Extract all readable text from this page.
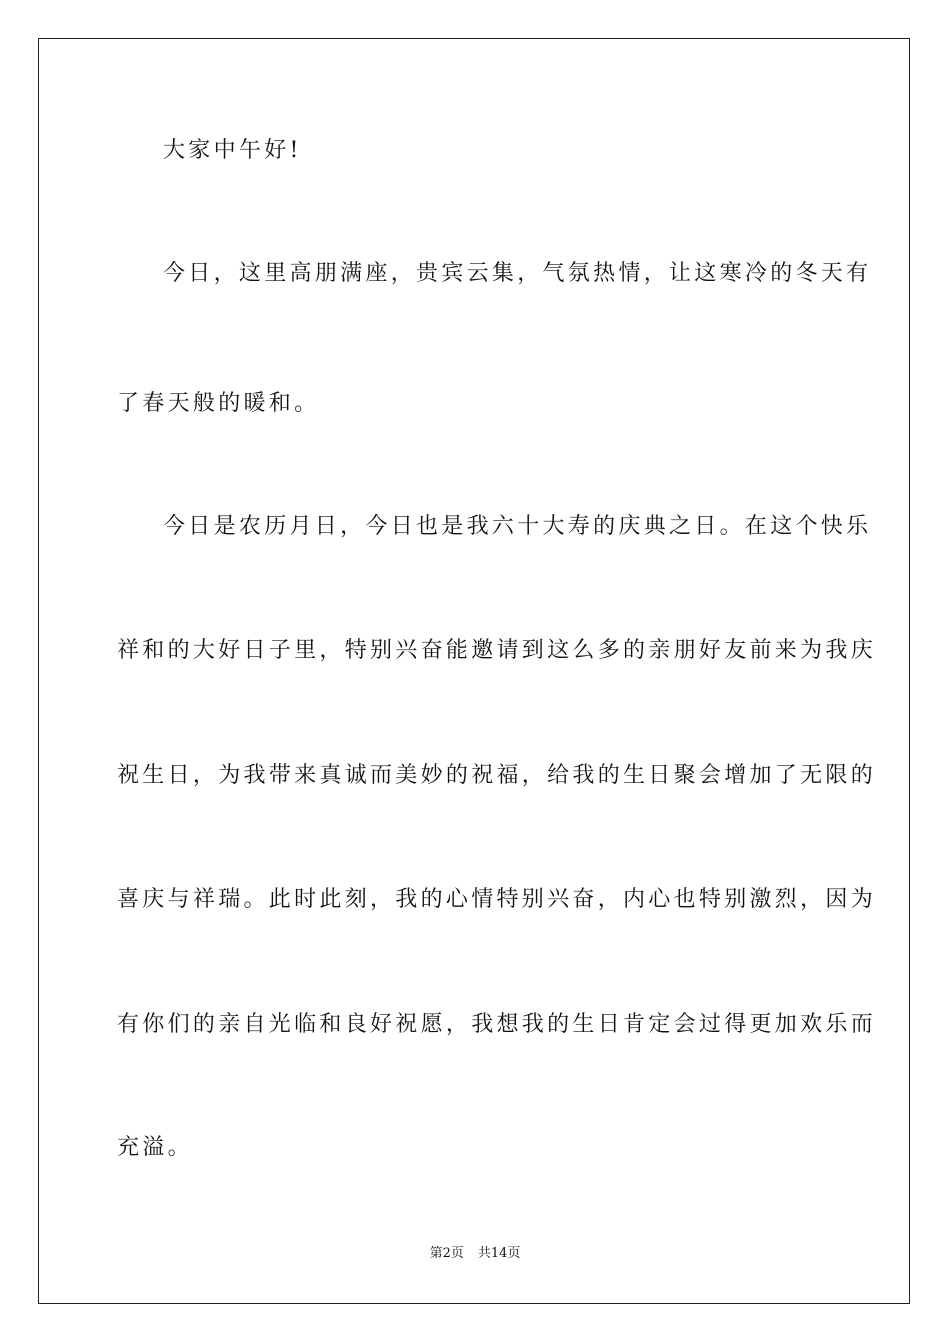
大家中午好!
今日，这里高朋满座，贵宾云集，气氛热情，让这寒冷的冬天有
了春天般的暖和。
今日是农历月日，今日也是我六十大寿的庆典之日。在这个快乐
祥和的大好日子里，特别兴奋能邀请到这么多的亲朋好友前来为我庆
祝生日，为我带来真诚而美妙的祝福，给我的生日聚会增加了无限的
喜庆与祥瑞。此时此刻，我的心情特别兴奋，内心也特别激烈，因为
有你们的亲自光临和良好祝愿，我想我的生日肯定会过得更加欢乐而
充溢。
第2页 共14页
